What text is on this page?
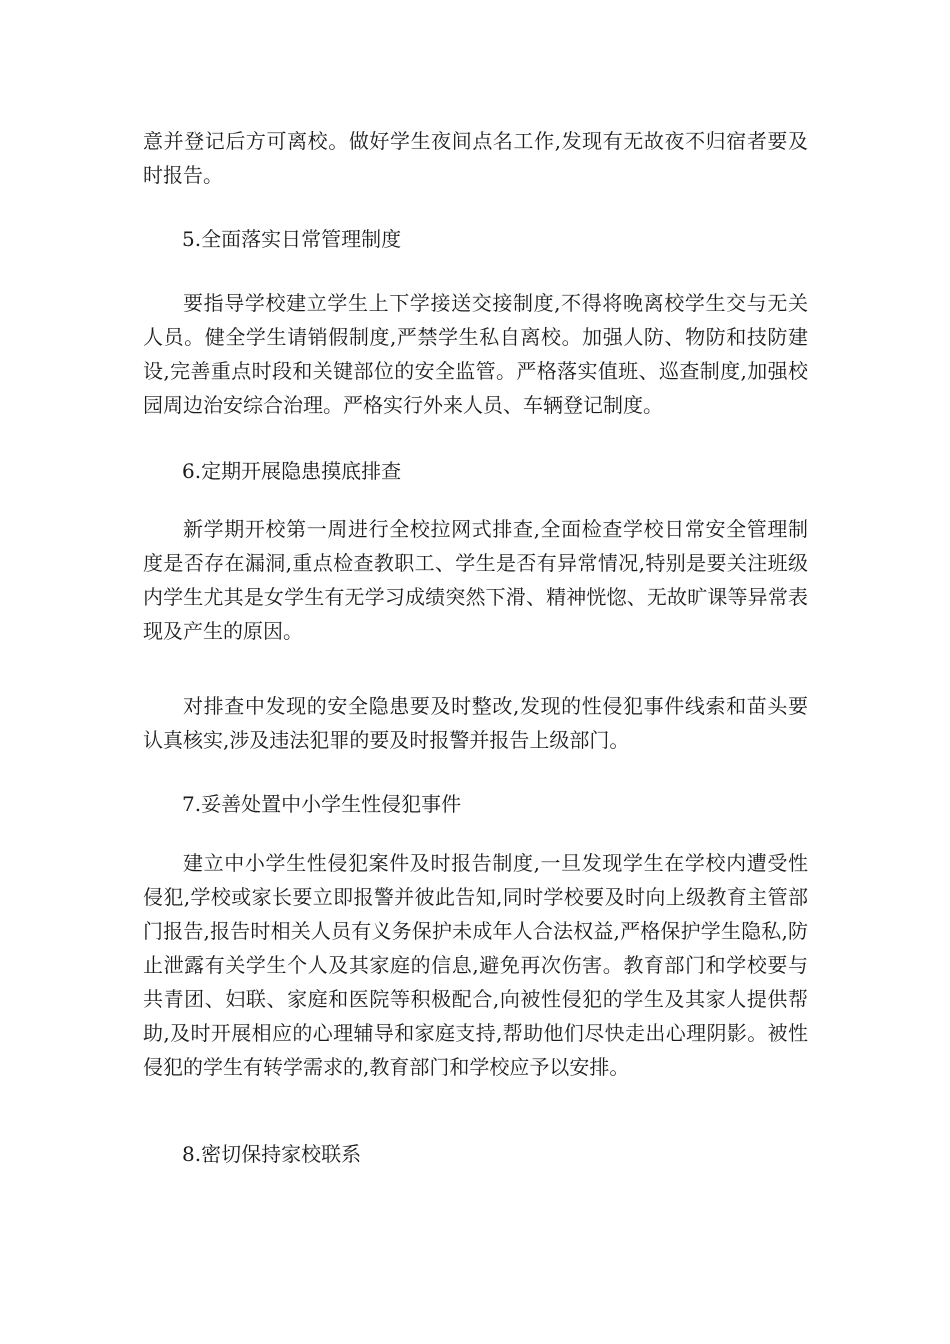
意并登记后方可离校。做好学生夜间点名工作,发现有无故夜不归宿者要及时报告。

5.全面落实日常管理制度

要指导学校建立学生上下学接送交接制度,不得将晚离校学生交与无关人员。健全学生请销假制度,严禁学生私自离校。加强人防、物防和技防建设,完善重点时段和关键部位的安全监管。严格落实值班、巡查制度,加强校园周边治安综合治理。严格实行外来人员、车辆登记制度。

6.定期开展隐患摸底排查

新学期开校第一周进行全校拉网式排查,全面检查学校日常安全管理制度是否存在漏洞,重点检查教职工、学生是否有异常情况,特别是要关注班级内学生尤其是女学生有无学习成绩突然下滑、精神恍惚、无故旷课等异常表现及产生的原因。

对排查中发现的安全隐患要及时整改,发现的性侵犯事件线索和苗头要认真核实,涉及违法犯罪的要及时报警并报告上级部门。

7.妥善处置中小学生性侵犯事件

建立中小学生性侵犯案件及时报告制度,一旦发现学生在学校内遭受性侵犯,学校或家长要立即报警并彼此告知,同时学校要及时向上级教育主管部门报告,报告时相关人员有义务保护未成年人合法权益,严格保护学生隐私,防止泄露有关学生个人及其家庭的信息,避免再次伤害。教育部门和学校要与共青团、妇联、家庭和医院等积极配合,向被性侵犯的学生及其家人提供帮助,及时开展相应的心理辅导和家庭支持,帮助他们尽快走出心理阴影。被性侵犯的学生有转学需求的,教育部门和学校应予以安排。

8.密切保持家校联系
